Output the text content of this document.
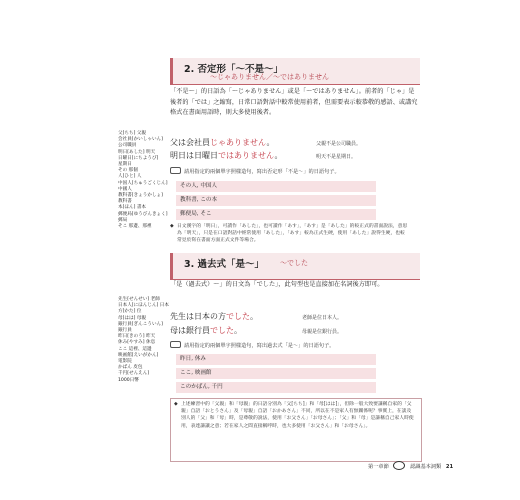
父[ちち] 父親
会社員[かいしゃいん]
公司職員
明日[あした] 明天
日曜日[にちようび]
星期日
その 那個
人[ひと] 人
中国人[ちゅうごくじん]
中國人
教科書[きょうかしょ]
教科書
本[ほん] 書本
郵便局[ゆうびんきょく]
郵局
そこ 那邊、那裡
先生[せんせい] 老師
日本人[にほんじん] 日本
方[かた] 位
母[はは] 母親
銀行員[ぎんこういん]
銀行員
昨日[きのう] 昨天
休み[やすみ] 休息
ここ 這裡、這邊
映画館[えいがかん]
電影院
かばん 皮包
千円[せんえん]
1000日幣
2. 否定形「～不是～」
～じゃありません／～ではありません
「不是～」的日語為「～じゃありません」或是「～ではありません」。前者的「じゃ」是後者的「では」之縮寫，日常口語對話中較常使用前者，但需要表示較恭敬的感語、或講究格式在書面用語時，則大多使用後者。
父は会社員じゃありません。	父親不是公司職員。
明日は日曜日ではありません。	明天不是星期日。
請用指定的兩個單字照樣造句，寫出否定形「不是～」的日語句子。
その人, 中国人
教科書, この本
郵便局, そこ
◆ 日文漢字的「明日」，可讀作「あした」，也可讀作「あす」，「あす」是「あした」的較正式的書面說法，意思為「明天」，只是在口語對話中經常使用「あした」，「あす」較為正式生硬，使用「あした」說得生硬，也較常見於寫在書面方面正式文件等場合。
3. 過去式「是～」 ～でした
「是（過去式）～」的日文為「でした」，此句型也是直接加在名詞後方即可。
先生は日本の方でした。	老師是位日本人。
母は銀行員でした。	母親是位銀行員。
請用指定的兩個單字照樣造句，寫出過去式「是～」的日語句子。
昨日, 休み
ここ, 映画館
このかばん, 千円
◆ 上述練習中的「父親」和「母親」的日語分別為「父[ちち]」和「母[はは]」，但除一般大致要謙稱自家的「父親」自語「おとうさん」及「母親」自語「おかあさん」不同，所以在不是家人有無關係呢？事實上，在談及別人的「父」和「母」時，是尊敬的說法，使用「お父さん」「お母さん」；「父」和「母」是謙稱自己家人時使用，表達謙讓之意；若在家人之間直接稱呼時，也大多使用「お父さん」和「お母さん」。
第一章節	認識基本詞類 21
